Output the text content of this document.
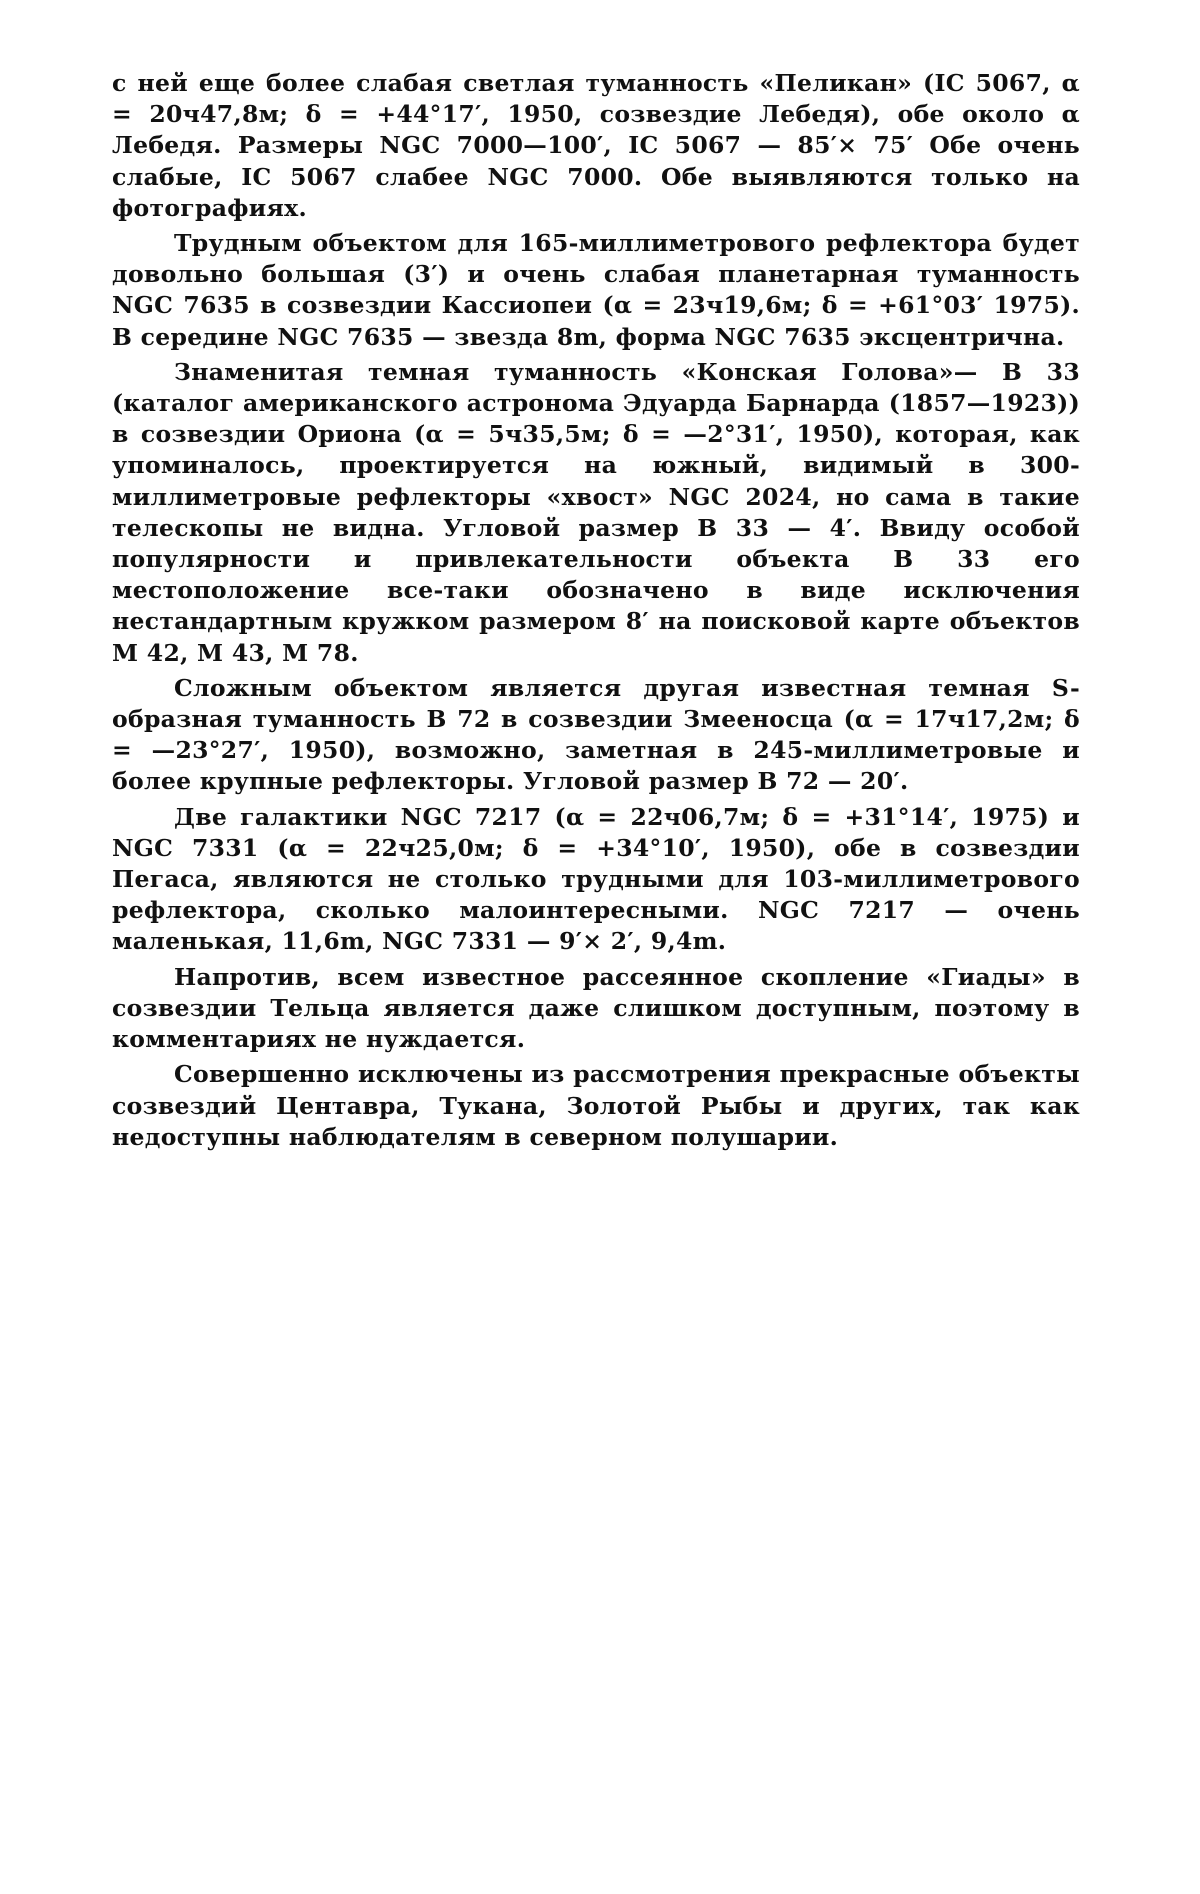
с ней еще более слабая светлая туманность «Пеликан» (IC 5067, α = 20ч47,8м; δ = +44°17′, 1950, созвездие Лебедя), обе около α Лебедя. Размеры NGC 7000—100′, IC 5067 — 85′× 75′ Обе очень слабые, IC 5067 слабее NGC 7000. Обе выявляются только на фотографиях.

Трудным объектом для 165-миллиметрового рефлектора будет довольно большая (3′) и очень слабая планетарная туманность NGC 7635 в созвездии Кассиопеи (α = 23ч19,6м; δ = +61°03′ 1975). В середине NGC 7635 — звезда 8m, форма NGC 7635 эксцентрична.

Знаменитая темная туманность «Конская Голова»— B 33 (каталог американского астронома Эдуарда Барнарда (1857—1923)) в созвездии Ориона (α = 5ч35,5м; δ = —2°31′, 1950), которая, как упоминалось, проектируется на южный, видимый в 300-миллиметровые рефлекторы «хвост» NGC 2024, но сама в такие телескопы не видна. Угловой размер B 33 — 4′. Ввиду особой популярности и привлекательности объекта B 33 его местоположение все-таки обозначено в виде исключения нестандартным кружком размером 8′ на поисковой карте объектов M 42, M 43, M 78.

Сложным объектом является другая известная темная S-образная туманность B 72 в созвездии Змееносца (α = 17ч17,2м; δ = —23°27′, 1950), возможно, заметная в 245-миллиметровые и более крупные рефлекторы. Угловой размер B 72 — 20′.

Две галактики NGC 7217 (α = 22ч06,7м; δ = +31°14′, 1975) и NGC 7331 (α = 22ч25,0м; δ = +34°10′, 1950), обе в созвездии Пегаса, являются не столько трудными для 103-миллиметрового рефлектора, сколько малоинтересными. NGC 7217 — очень маленькая, 11,6m, NGC 7331 — 9′× 2′, 9,4m.

Напротив, всем известное рассеянное скопление «Гиады» в созвездии Тельца является даже слишком доступным, поэтому в комментариях не нуждается.

Совершенно исключены из рассмотрения прекрасные объекты созвездий Центавра, Тукана, Золотой Рыбы и других, так как недоступны наблюдателям в северном полушарии.
